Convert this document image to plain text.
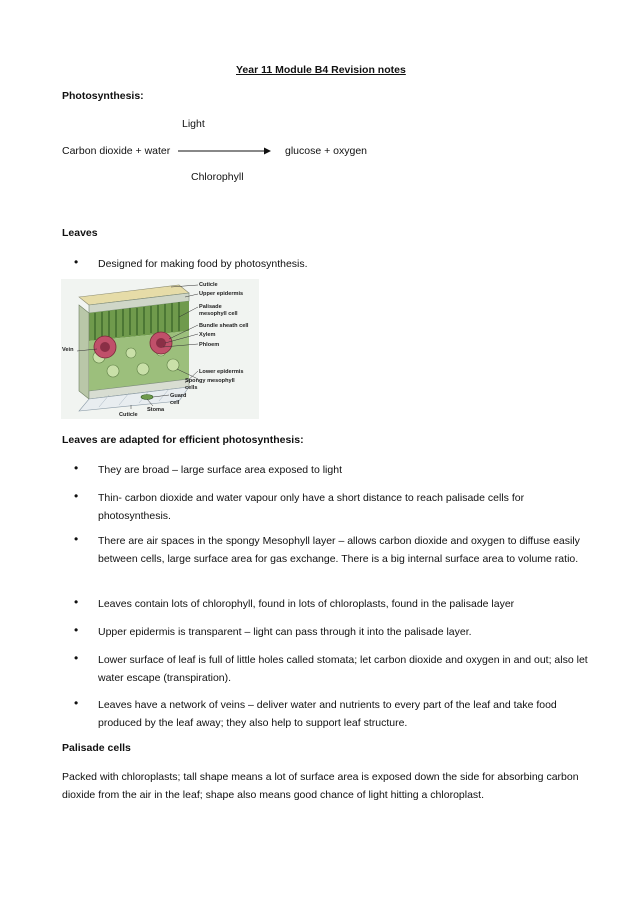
Year 11 Module B4 Revision notes
Photosynthesis:
Light
Carbon dioxide + water	glucose + oxygen
Chlorophyll
Leaves
• Designed for making food by photosynthesis.
Cuticle
Upper epidermis
Palisade
mesophyll cell
Bundle sheath cell
Xylem
Phloem
Vein
Lower epidermis
Spongy mesophyll
cells
Guard
cell
Stoma
Cuticle
Leaves are adapted for efficient photosynthesis:
• They are broad – large surface area exposed to light
• Thin- carbon dioxide and water vapour only have a short distance to reach palisade cells for photosynthesis.
• There are air spaces in the spongy Mesophyll layer – allows carbon dioxide and oxygen to diffuse easily between cells, large surface area for gas exchange. There is a big internal surface area to volume ratio.
• Leaves contain lots of chlorophyll, found in lots of chloroplasts, found in the palisade layer
• Upper epidermis is transparent – light can pass through it into the palisade layer.
• Lower surface of leaf is full of little holes called stomata; let carbon dioxide and oxygen in and out; also let water escape (transpiration).
• Leaves have a network of veins – deliver water and nutrients to every part of the leaf and take food produced by the leaf away; they also help to support leaf structure.
Palisade cells
Packed with chloroplasts; tall shape means a lot of surface area is exposed down the side for absorbing carbon dioxide from the air in the leaf; shape also means good chance of light hitting a chloroplast.
